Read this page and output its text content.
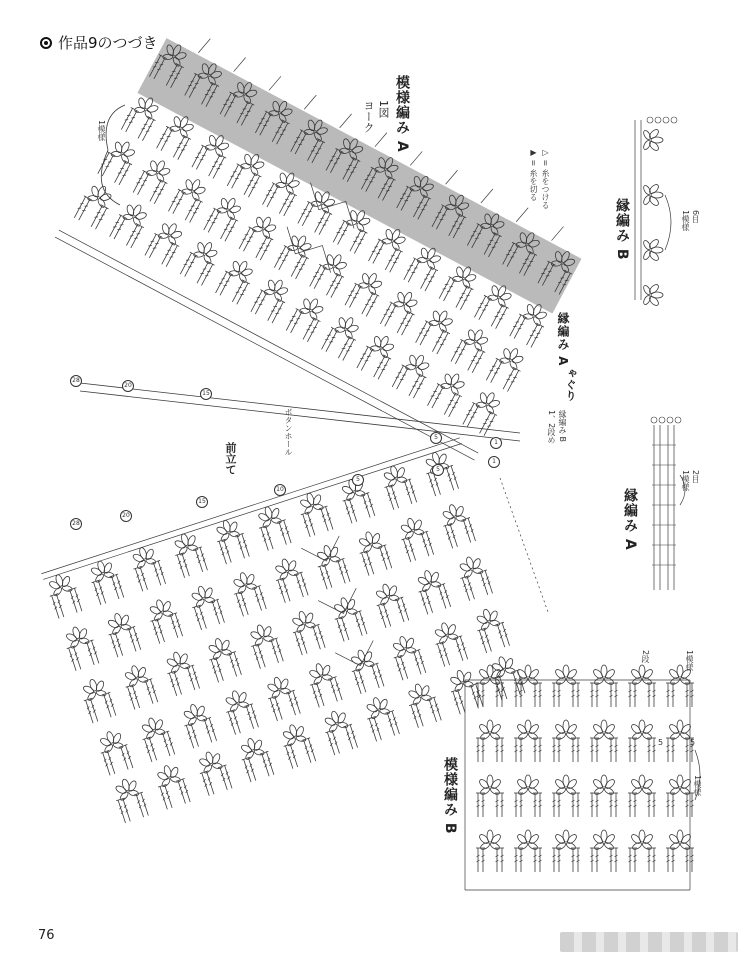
作品9のつづき
模様編み A
1図
ヨーク
▷ = 糸をつける
▶ = 糸を切る
1模様
縁編み A
ゃぐり
縁編み B
1、2段め
前立て
ボタンホール
28
20
15
5
1
28
20
15
10
5
5
1
縁編み B	6目
1模様
縁編み A
2目
1模様
模様編み B
2段	1模様
1模様
5	5
76
